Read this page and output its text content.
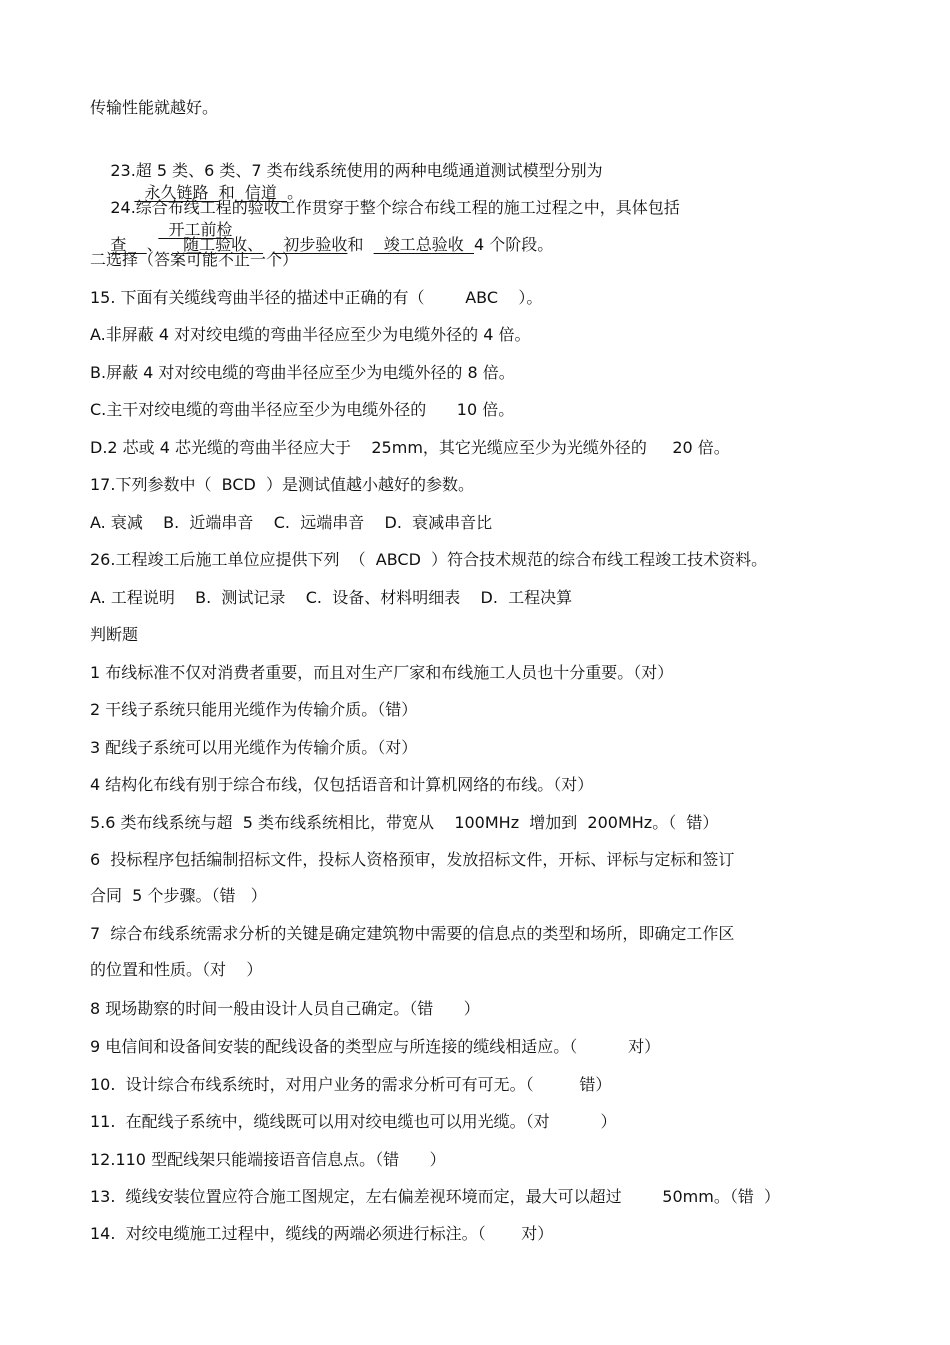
传输性能就越好。

23.超 5 类、6 类、7 类布线系统使用的两种电缆通道测试模型分别为
永久链路  和  信道  。

24.综合布线工程的验收工作贯穿于整个综合布线工程的施工过程之中，具体包括
开工前检

查    、    随工验收、    初步验收和    竣工总验收  4 个阶段。

二选择（答案可能不止一个）
15. 下面有关缆线弯曲半径的描述中正确的有（        ABC    ）。
A.非屏蔽 4 对对绞电缆的弯曲半径应至少为电缆外径的 4 倍。
B.屏蔽 4 对对绞电缆的弯曲半径应至少为电缆外径的 8 倍。
C.主干对绞电缆的弯曲半径应至少为电缆外径的      10 倍。
D.2 芯或 4 芯光缆的弯曲半径应大于    25mm，其它光缆应至少为光缆外径的     20 倍。
17.下列参数中（  BCD  ）是测试值越小越好的参数。
A. 衰减    B.  近端串音    C.  远端串音    D.  衰减串音比
26.工程竣工后施工单位应提供下列  （  ABCD  ）符合技术规范的综合布线工程竣工技术资料。
A. 工程说明    B.  测试记录    C.  设备、材料明细表    D.  工程决算
判断题
1 布线标准不仅对消费者重要，而且对生产厂家和布线施工人员也十分重要。（对）
2 干线子系统只能用光缆作为传输介质。（错）
3 配线子系统可以用光缆作为传输介质。（对）
4 结构化布线有别于综合布线，仅包括语音和计算机网络的布线。（对）
5.6 类布线系统与超  5 类布线系统相比，带宽从    100MHz  增加到  200MHz。（  错）
6  投标程序包括编制招标文件，投标人资格预审，发放招标文件，开标、评标与定标和签订
合同  5 个步骤。（错   ）
7  综合布线系统需求分析的关键是确定建筑物中需要的信息点的类型和场所，即确定工作区
的位置和性质。（对    ）
8 现场勘察的时间一般由设计人员自己确定。（错      ）
9 电信间和设备间安装的配线设备的类型应与所连接的缆线相适应。（          对）
10.  设计综合布线系统时，对用户业务的需求分析可有可无。（         错）
11.  在配线子系统中，缆线既可以用对绞电缆也可以用光缆。（对          ）
12.110 型配线架只能端接语音信息点。（错      ）
13.  缆线安装位置应符合施工图规定，左右偏差视环境而定，最大可以超过        50mm。（错  ）
14.  对绞电缆施工过程中，缆线的两端必须进行标注。（       对）
